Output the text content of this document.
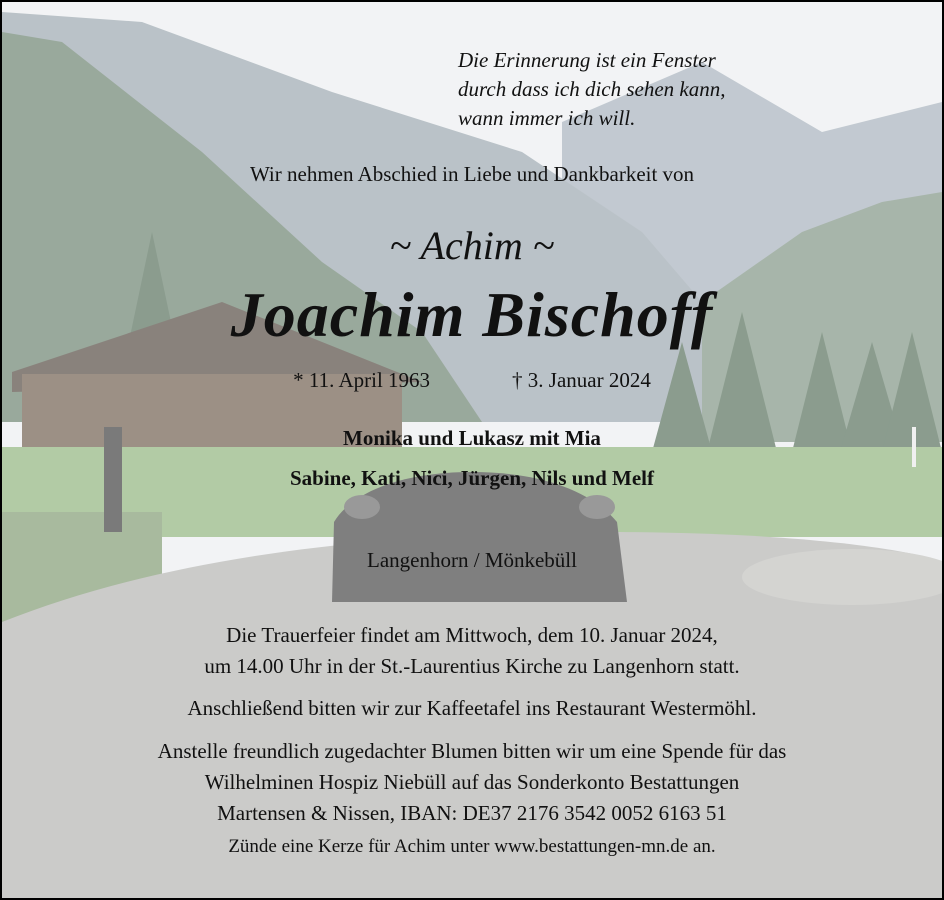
Die Erinnerung ist ein Fenster
durch dass ich dich sehen kann,
wann immer ich will.
Wir nehmen Abschied in Liebe und Dankbarkeit von
~ Achim ~
Joachim Bischoff
* 11. April 1963	† 3. Januar 2024
Monika und Lukasz mit Mia
Sabine, Kati, Nici, Jürgen, Nils und Melf
Langenhorn / Mönkebüll
Die Trauerfeier findet am Mittwoch, dem 10. Januar 2024,
um 14.00 Uhr in der St.-Laurentius Kirche zu Langenhorn statt.
Anschließend bitten wir zur Kaffeetafel ins Restaurant Westermöhl.
Anstelle freundlich zugedachter Blumen bitten wir um eine Spende für das
Wilhelminen Hospiz Niebüll auf das Sonderkonto Bestattungen
Martensen & Nissen, IBAN: DE37 2176 3542 0052 6163 51
Zünde eine Kerze für Achim unter www.bestattungen-mn.de an.
